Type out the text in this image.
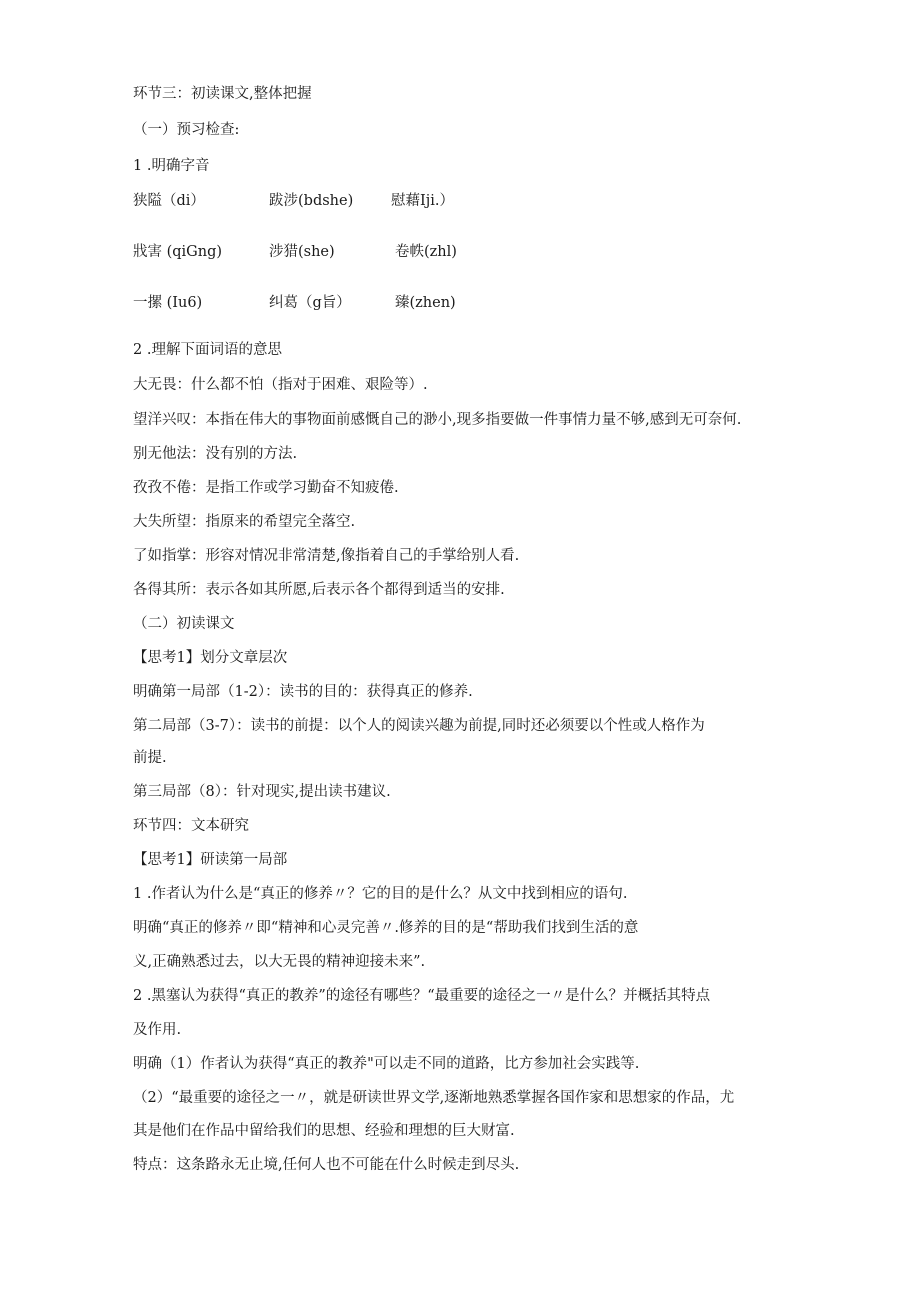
环节三：初读课文,整体把握
（一）预习检查:
1 .明确字音
狭隘（di）	跋涉(bdshe)	慰藉Iji.）
戕害 (qiGng)	涉猎(she)	卷帙(zhl)
一摞 (Iu6)	纠葛（g旨）	臻(zhen)
2 .理解下面词语的意思
大无畏：什么都不怕（指对于困难、艰险等）.
望洋兴叹：本指在伟大的事物面前感慨自己的渺小,现多指要做一件事情力量不够,感到无可奈何.
别无他法：没有别的方法.
孜孜不倦：是指工作或学习勤奋不知疲倦.
大失所望：指原来的希望完全落空.
了如指掌：形容对情况非常清楚,像指着自己的手掌给别人看.
各得其所：表示各如其所愿,后表示各个都得到适当的安排.
（二）初读课文
【思考1】划分文章层次
明确第一局部（1-2）：读书的目的：获得真正的修养.
第二局部（3-7）：读书的前提：以个人的阅读兴趣为前提,同时还必须要以个性或人格作为
前提.
第三局部（8）：针对现实,提出读书建议.
环节四：文本研究
【思考1】研读第一局部
1 .作者认为什么是“真正的修养〃？它的目的是什么？从文中找到相应的语句.
明确“真正的修养〃即“精神和心灵完善〃.修养的目的是“帮助我们找到生活的意
义,正确熟悉过去，以大无畏的精神迎接未来”.
2 .黑塞认为获得“真正的教养”的途径有哪些？“最重要的途径之一〃是什么？并概括其特点
及作用.
明确（1）作者认为获得“真正的教养"可以走不同的道路，比方参加社会实践等.
（2）“最重要的途径之一〃，就是研读世界文学,逐渐地熟悉掌握各国作家和思想家的作品，尤
其是他们在作品中留给我们的思想、经验和理想的巨大财富.
特点：这条路永无止境,任何人也不可能在什么时候走到尽头.
